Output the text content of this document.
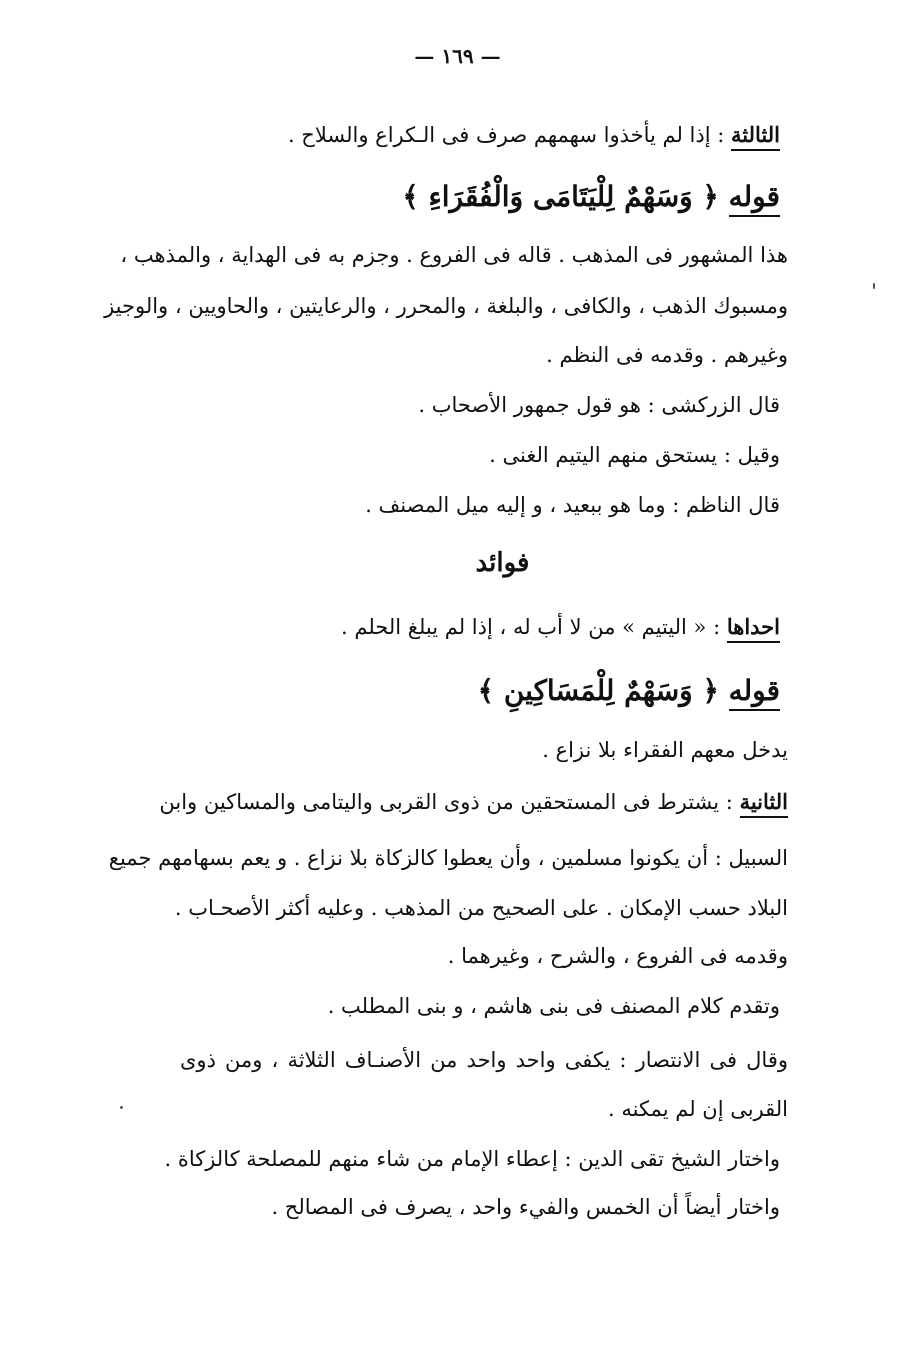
— ١٦٩ —
الثالثة : إذا لم يأخذوا سهمهم صرف فى الـكراع والسلاح .
قوله ﴿ وَسَهْمٌ لِلْيَتَامَى وَالْفُقَرَاءِ ﴾
هذا المشهور فى المذهب . قاله فى الفروع . وجزم به فى الهداية ، والمذهب ،
ومسبوك الذهب ، والكافى ، والبلغة ، والمحرر ، والرعايتين ، والحاويين ، والوجيز
وغيرهم . وقدمه فى النظم .
قال الزركشى : هو قول جمهور الأصحاب .
وقيل : يستحق منهم اليتيم الغنى .
قال الناظم : وما هو ببعيد ، و إليه ميل المصنف .
فوائد
احداها : « اليتيم » من لا أب له ، إذا لم يبلغ الحلم .
قوله ﴿ وَسَهْمٌ لِلْمَسَاكِينِ ﴾
يدخل معهم الفقراء بلا نزاع .
الثانية : يشترط فى المستحقين من ذوى القربى واليتامى والمساكين وابن
السبيل : أن يكونوا مسلمين ، وأن يعطوا كالزكاة بلا نزاع . و يعم بسهامهم جميع
البلاد حسب الإمكان . على الصحيح من المذهب . وعليه أكثر الأصحـاب .
وقدمه فى الفروع ، والشرح ، وغيرهما .
وتقدم كلام المصنف فى بنى هاشم ، و بنى المطلب .
وقال فى الانتصار : يكفى واحد واحد من الأصنـاف الثلاثة ، ومن ذوى
القربى إن لم يمكنه .
واختار الشيخ تقى الدين : إعطاء الإمام من شاء منهم للمصلحة كالزكاة .
واختار أيضاً أن الخمس والفيء واحد ، يصرف فى المصالح .
